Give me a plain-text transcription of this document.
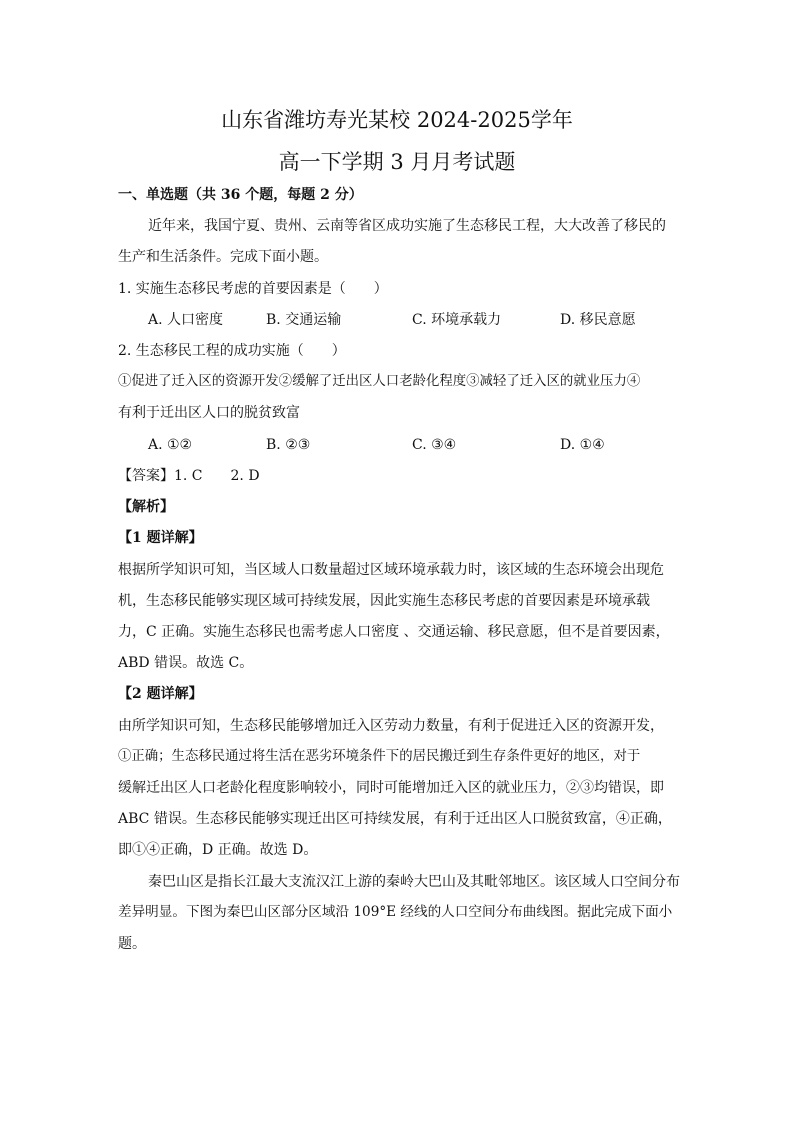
山东省潍坊寿光某校 2024-2025学年
高一下学期 3 月月考试题
一、单选题（共 36 个题，每题 2 分）
近年来，我国宁夏、贵州、云南等省区成功实施了生态移民工程，大大改善了移民的
生产和生活条件。完成下面小题。
1. 实施生态移民考虑的首要因素是（　　）
A. 人口密度	B. 交通运输	C. 环境承载力	D. 移民意愿
2. 生态移民工程的成功实施（　　）
①促进了迁入区的资源开发②缓解了迁出区人口老龄化程度③减轻了迁入区的就业压力④
有利于迁出区人口的脱贫致富
A. ①②	B. ②③	C. ③④	D. ①④
【答案】1. C　　2. D
【解析】
【1 题详解】
根据所学知识可知，当区域人口数量超过区域环境承载力时，该区域的生态环境会出现危
机，生态移民能够实现区域可持续发展，因此实施生态移民考虑的首要因素是环境承载
力，C 正确。实施生态移民也需考虑人口密度 、交通运输、移民意愿，但不是首要因素，
ABD 错误。故选 C。
【2 题详解】
由所学知识可知，生态移民能够增加迁入区劳动力数量，有利于促进迁入区的资源开发，
①正确；生态移民通过将生活在恶劣环境条件下的居民搬迁到生存条件更好的地区，对于
缓解迁出区人口老龄化程度影响较小，同时可能增加迁入区的就业压力，②③均错误，即
ABC 错误。生态移民能够实现迁出区可持续发展，有利于迁出区人口脱贫致富，④正确，
即①④正确，D 正确。故选 D。
秦巴山区是指长江最大支流汉江上游的秦岭大巴山及其毗邻地区。该区域人口空间分布
差异明显。下图为秦巴山区部分区域沿 109°E 经线的人口空间分布曲线图。据此完成下面小
题。
